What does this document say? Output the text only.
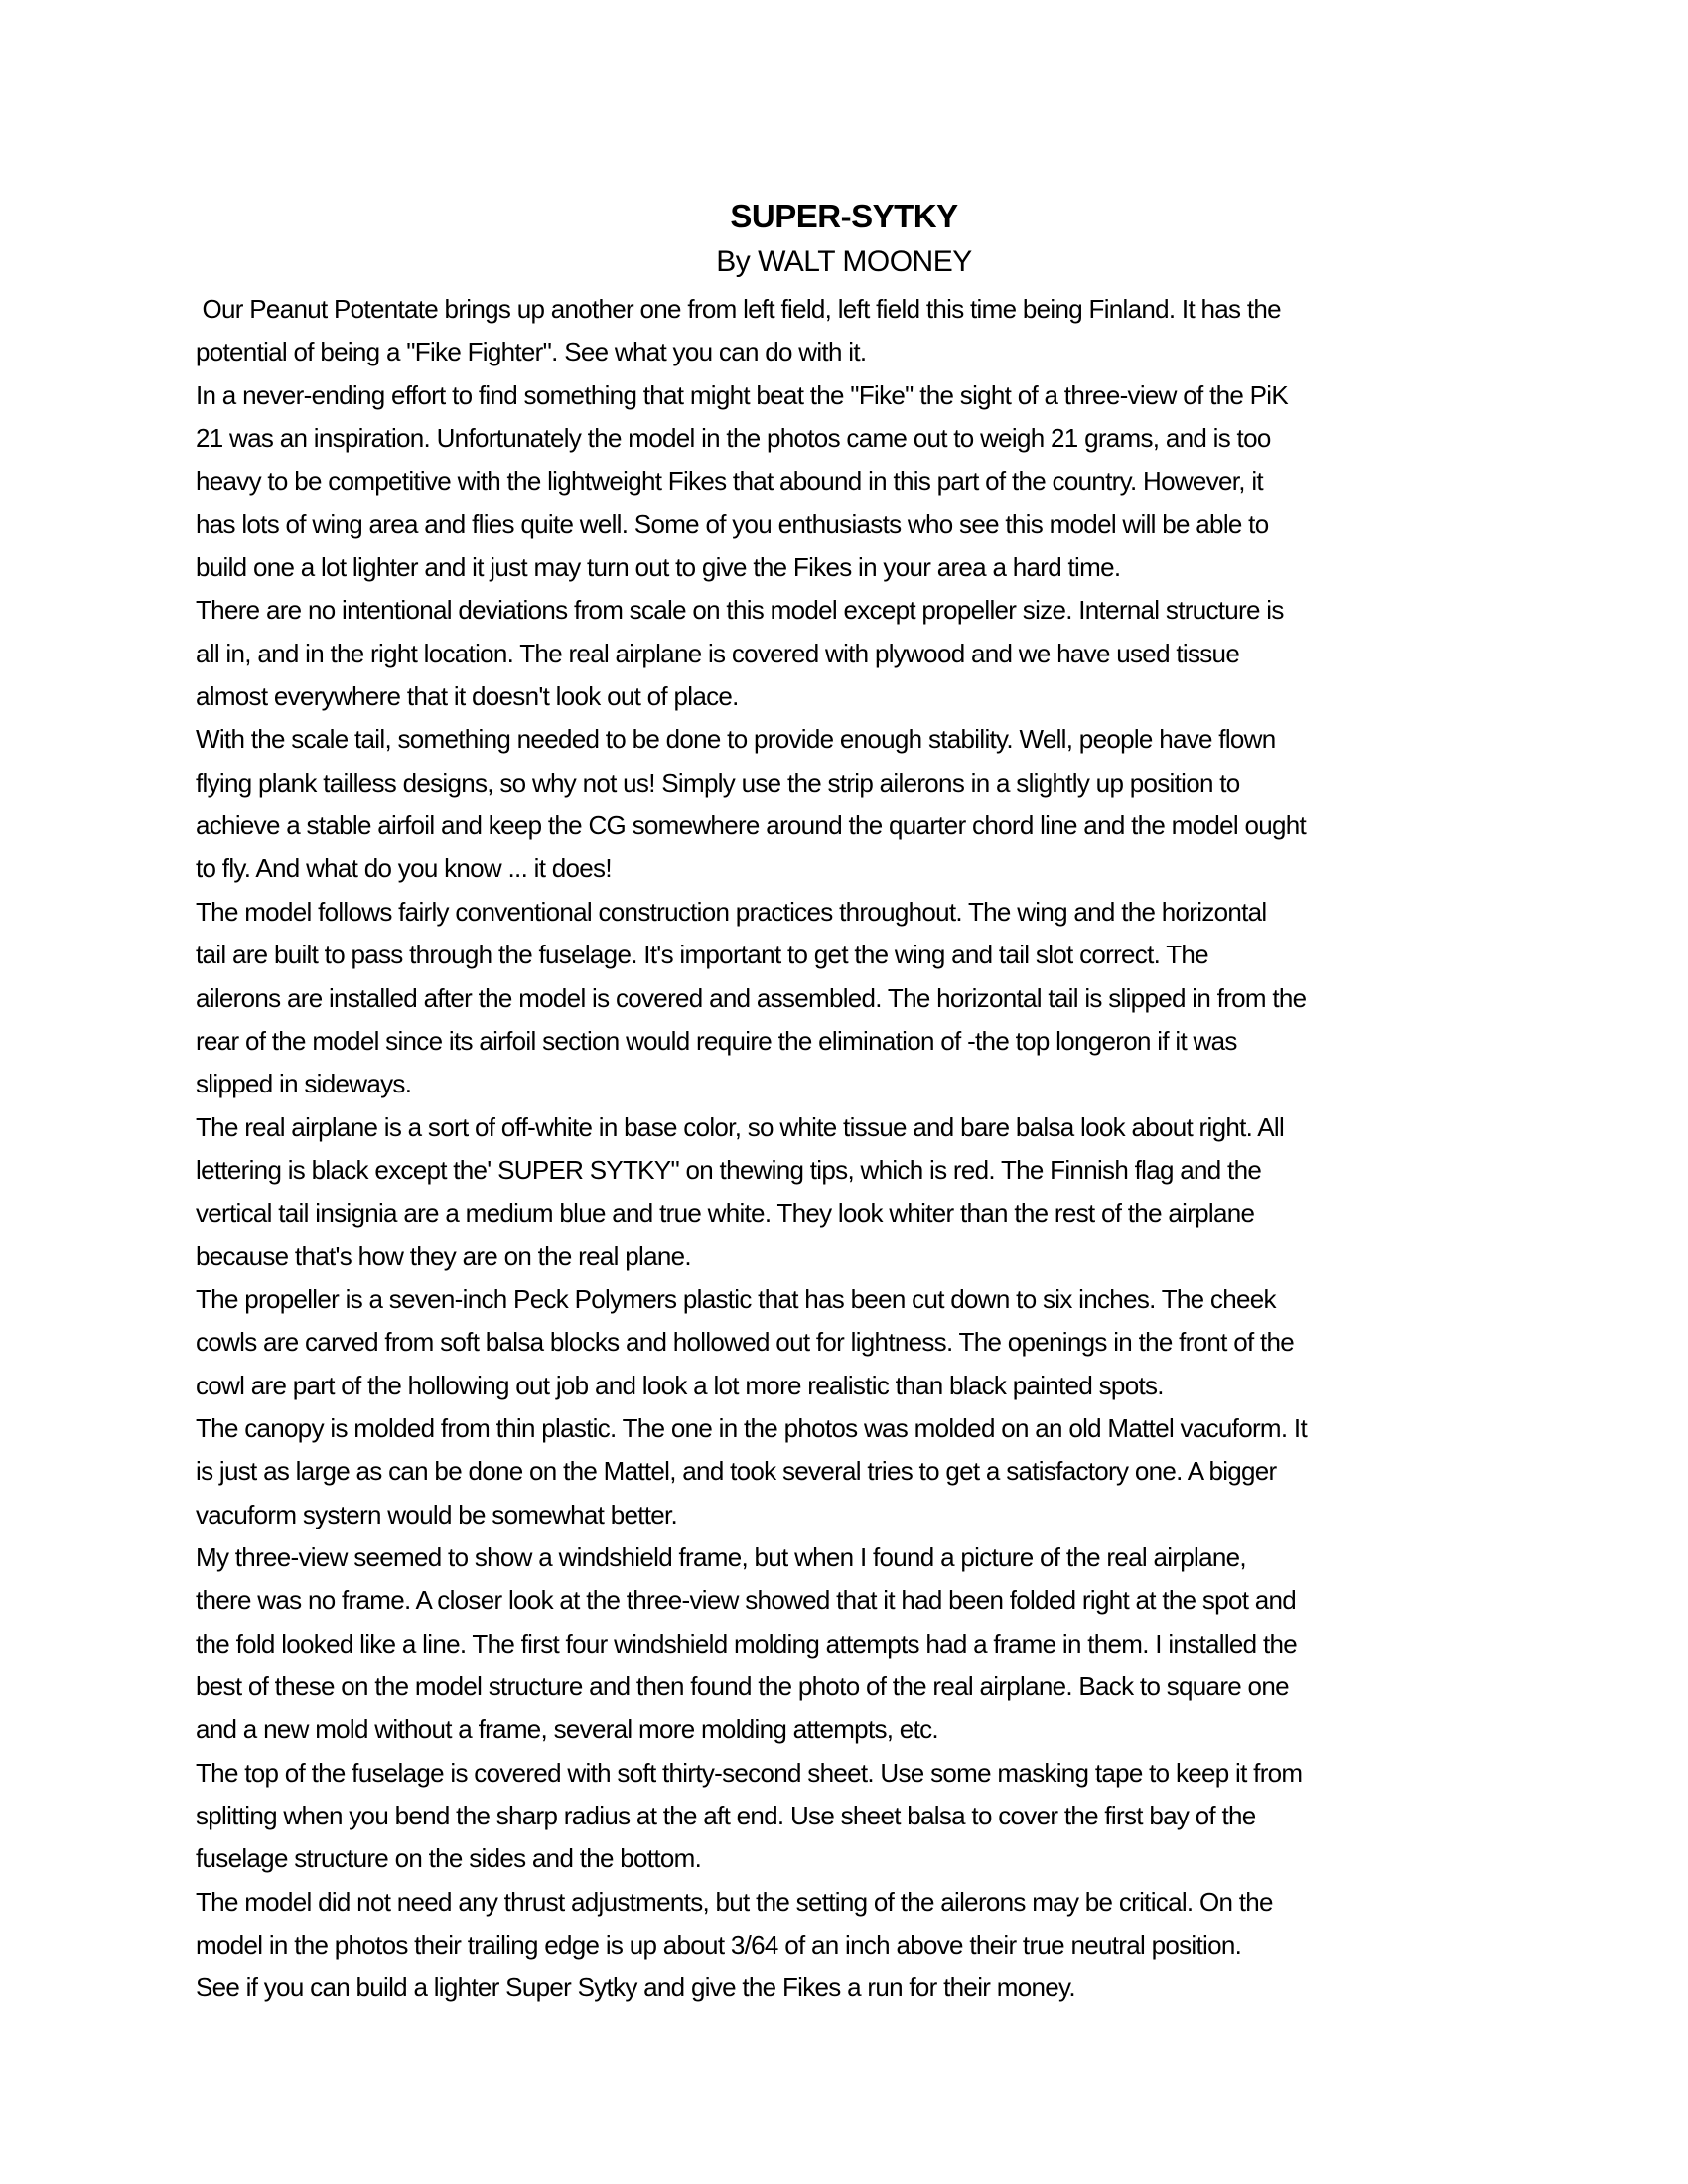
SUPER-SYTKY
By WALT MOONEY
Our Peanut Potentate brings up another one from left field, left field this time being Finland. It has the
potential of being a "Fike Fighter". See what you can do with it.
In a never-ending effort to find something that might beat the "Fike" the sight of a three-view of the PiK
21 was an inspiration. Unfortunately the model in the photos came out to weigh 21 grams, and is too
heavy to be competitive with the lightweight Fikes that abound in this part of the country. However, it
has lots of wing area and flies quite well. Some of you enthusiasts who see this model will be able to
build one a lot lighter and it just may turn out to give the Fikes in your area a hard time.
There are no intentional deviations from scale on this model except propeller size. Internal structure is
all in, and in the right location. The real airplane is covered with plywood and we have used tissue
almost everywhere that it doesn't look out of place.
With the scale tail, something needed to be done to provide enough stability. Well, people have flown
flying plank tailless designs, so why not us! Simply use the strip ailerons in a slightly up position to
achieve a stable airfoil and keep the CG somewhere around the quarter chord line and the model ought
to fly. And what do you know ... it does!
The model follows fairly conventional construction practices throughout. The wing and the horizontal
tail are built to pass through the fuselage. It's important to get the wing and tail slot correct. The
ailerons are installed after the model is covered and assembled. The horizontal tail is slipped in from the
rear of the model since its airfoil section would require the elimination of -the top longeron if it was
slipped in sideways.
The real airplane is a sort of off-white in base color, so white tissue and bare balsa look about right. All
lettering is black except the' SUPER SYTKY" on thewing tips, which is red. The Finnish flag and the
vertical tail insignia are a medium blue and true white. They look whiter than the rest of the airplane
because that's how they are on the real plane.
The propeller is a seven-inch Peck Polymers plastic that has been cut down to six inches. The cheek
cowls are carved from soft balsa blocks and hollowed out for lightness. The openings in the front of the
cowl are part of the hollowing out job and look a lot more realistic than black painted spots.
The canopy is molded from thin plastic. The one in the photos was molded on an old Mattel vacuform. It
is just as large as can be done on the Mattel, and took several tries to get a satisfactory one. A bigger
vacuform systern would be somewhat better.
My three-view seemed to show a windshield frame, but when I found a picture of the real airplane,
there was no frame. A closer look at the three-view showed that it had been folded right at the spot and
the fold looked like a line. The first four windshield molding attempts had a frame in them. I installed the
best of these on the model structure and then found the photo of the real airplane. Back to square one
and a new mold without a frame, several more molding attempts, etc.
The top of the fuselage is covered with soft thirty-second sheet. Use some masking tape to keep it from
splitting when you bend the sharp radius at the aft end. Use sheet balsa to cover the first bay of the
fuselage structure on the sides and the bottom.
The model did not need any thrust adjustments, but the setting of the ailerons may be critical. On the
model in the photos their trailing edge is up about 3/64 of an inch above their true neutral position.
See if you can build a lighter Super Sytky and give the Fikes a run for their money.
